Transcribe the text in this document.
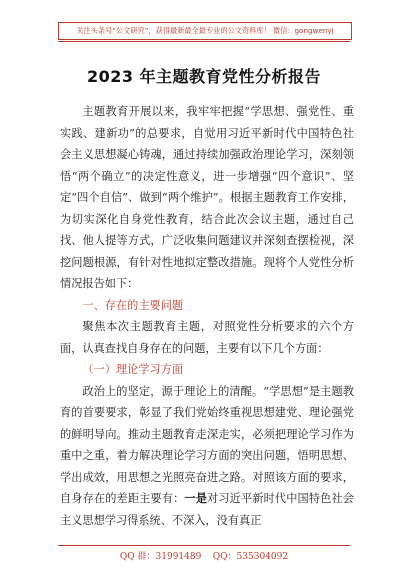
关注头条号“公文研究”，获得最新最全最专业的公文资料库！ 微信：gongwenyj
2023 年主题教育党性分析报告

主题教育开展以来，我牢牢把握“学思想、强党性、重实践、建新功”的总要求，自觉用习近平新时代中国特色社会主义思想凝心铸魂，通过持续加强政治理论学习，深刻领悟“两个确立”的决定性意义，进一步增强“四个意识”、坚定“四个自信”、做到“两个维护”。根据主题教育工作安排，为切实深化自身党性教育，结合此次会议主题，通过自己找、他人提等方式，广泛收集问题建议并深刻查摆检视，深挖问题根源，有针对性地拟定整改措施。现将个人党性分析情况报告如下：

一、存在的主要问题

聚焦本次主题教育主题，对照党性分析要求的六个方面，认真查找自身存在的问题，主要有以下几个方面：

（一）理论学习方面

政治上的坚定，源于理论上的清醒。“学思想”是主题教育的首要要求，彰显了我们党始终重视思想建党、理论强党的鲜明导向。推动主题教育走深走实，必须把理论学习作为重中之重，着力解决理论学习方面的突出问题，悟明思想、学出成效，用思想之光照亮奋进之路。对照该方面的要求，自身存在的差距主要有：一是对习近平新时代中国特色社会主义思想学习得系统、不深入，没有真正

QQ 群：31991489 QQ：535304092
